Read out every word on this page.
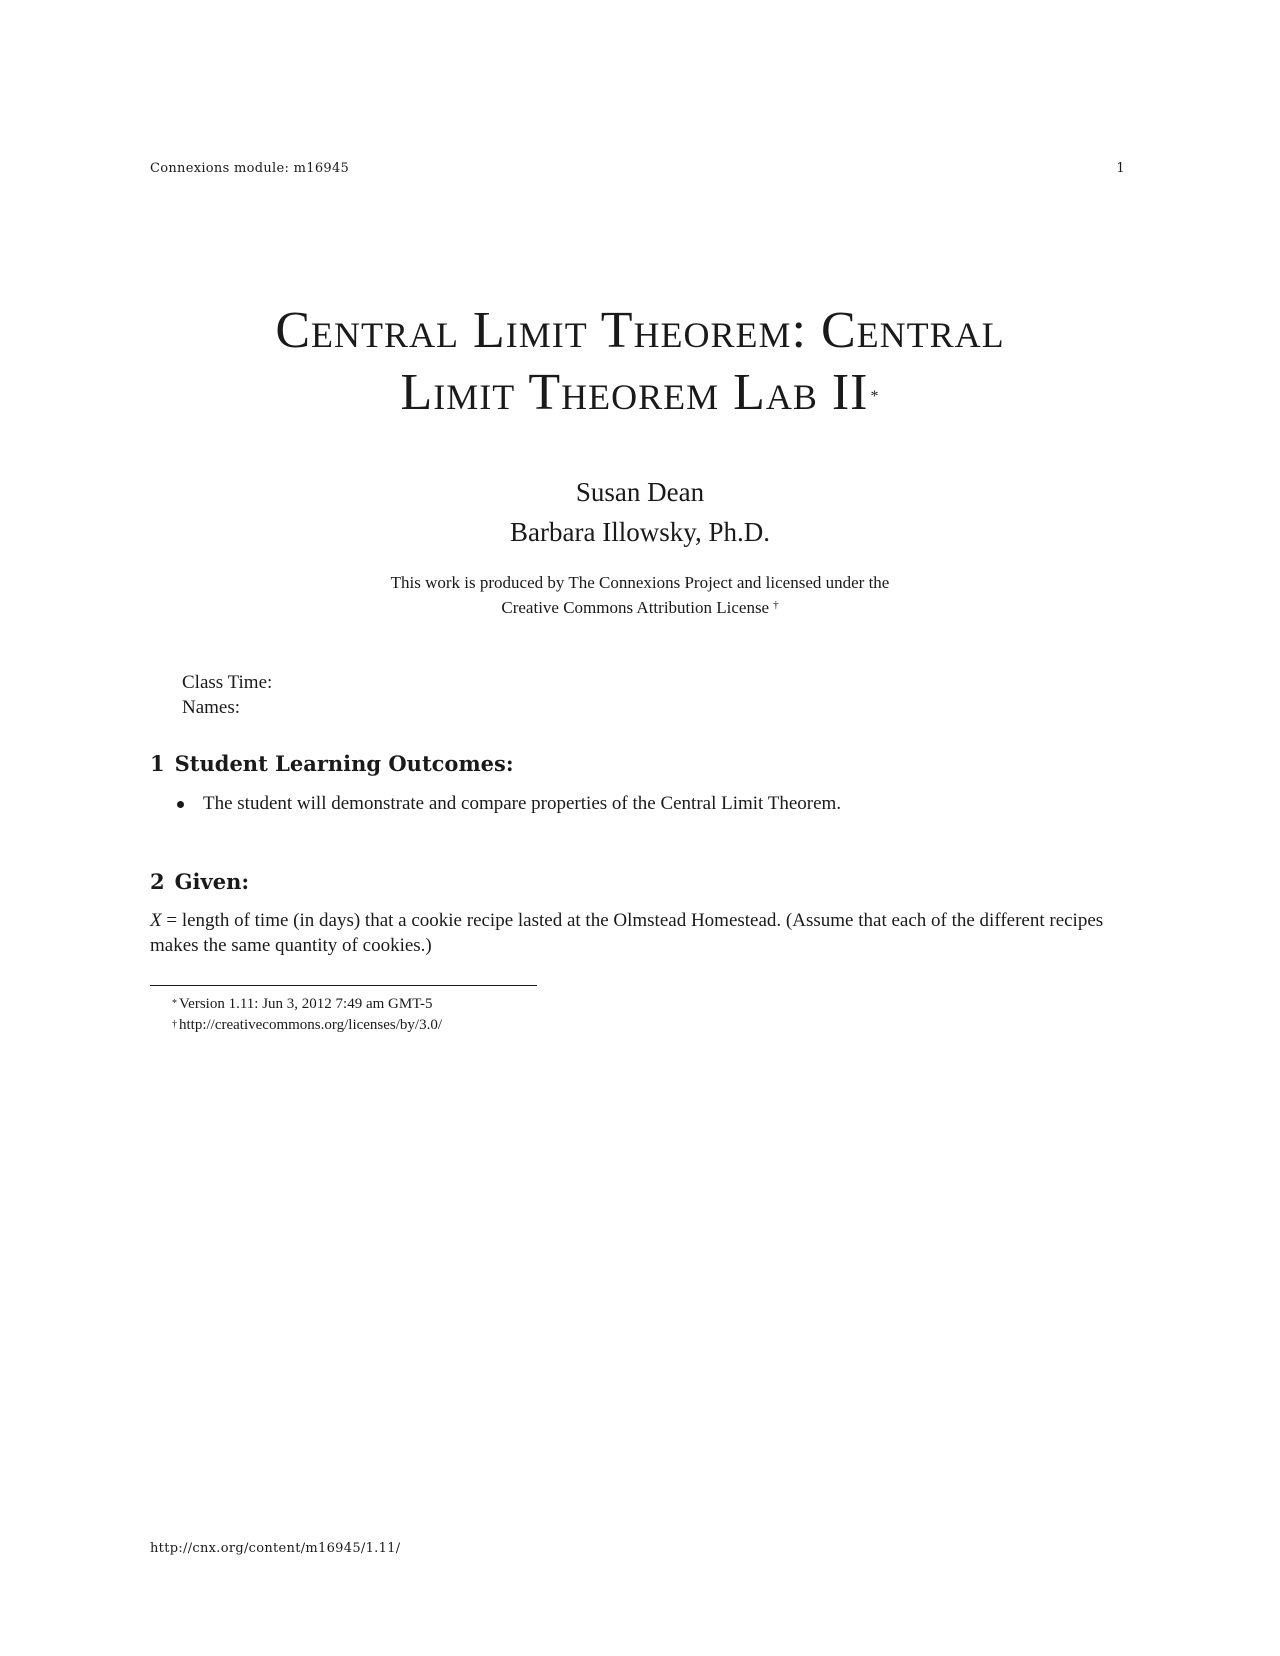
Connexions module: m16945	1
Central Limit Theorem: Central
Limit Theorem Lab II *
Susan Dean
Barbara Illowsky, Ph.D.
This work is produced by The Connexions Project and licensed under the
Creative Commons Attribution License †
Class Time:
Names:
1 Student Learning Outcomes:
The student will demonstrate and compare properties of the Central Limit Theorem.
2 Given:

X = length of time (in days) that a cookie recipe lasted at the Olmstead Homestead. (Assume that each of the different recipes makes the same quantity of cookies.)

* Version 1.11: Jun 3, 2012 7:49 am GMT-5
† http://creativecommons.org/licenses/by/3.0/
http://cnx.org/content/m16945/1.11/
